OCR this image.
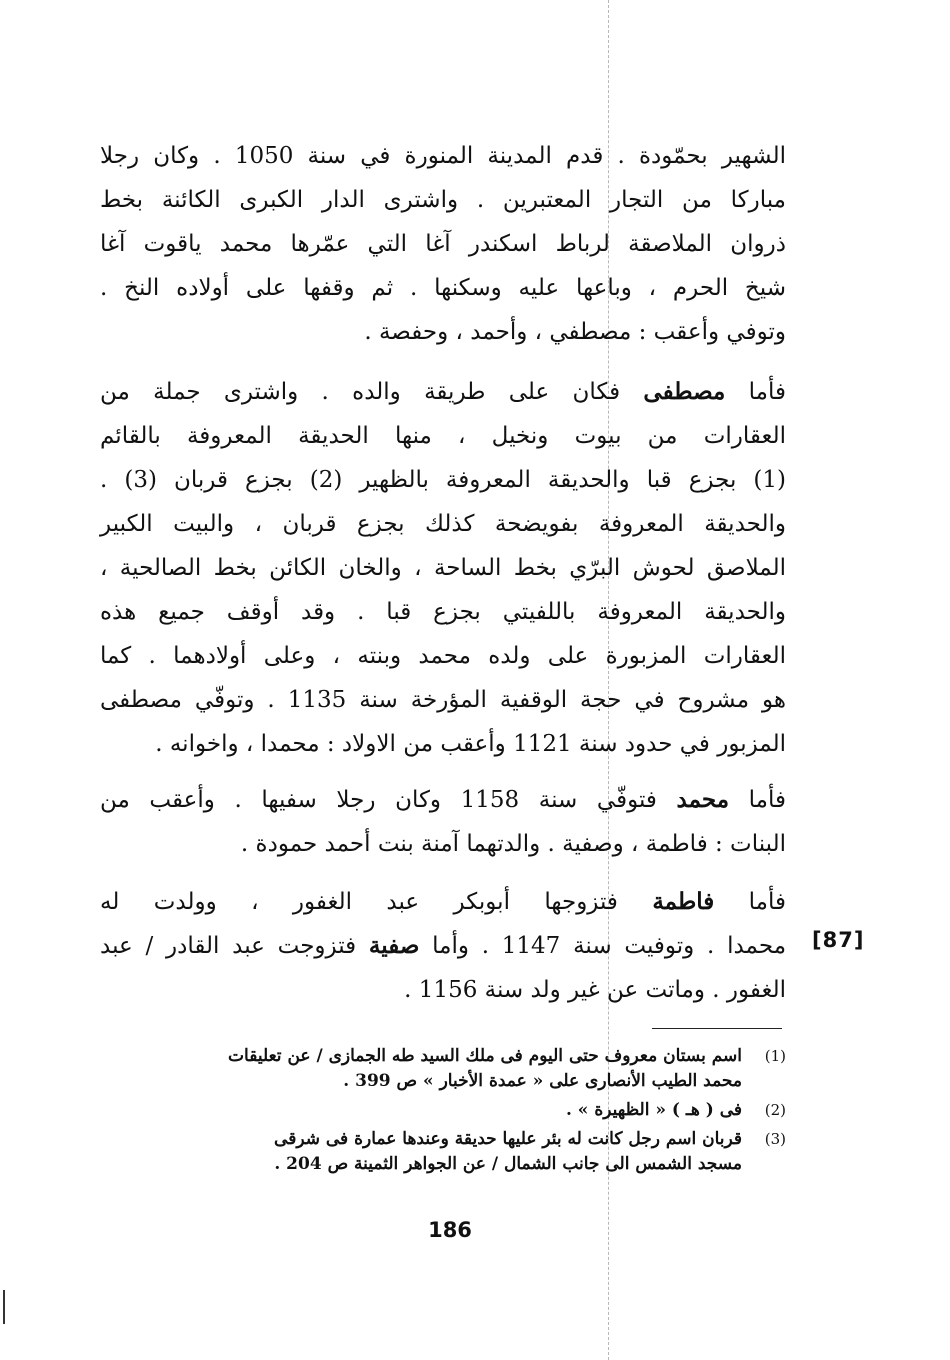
الشهير بحمّودة . قدم المدينة المنورة في سنة 1050 . وكان رجلا
مباركا من التجار المعتبرين . واشترى الدار الكبرى الكائنة بخط
ذروان الملاصقة لرباط اسكندر آغا التي عمّرها محمد ياقوت آغا
شيخ الحرم ، وباعها عليه وسكنها . ثم وقفها على أولاده النخ .
وتوفي وأعقب : مصطفي ، وأحمد ، وحفصة .
فأما مصطفى فكان على طريقة والده . واشترى جملة من
العقارات من بيوت ونخيل ، منها الحديقة المعروفة بالقائم
(1) بجزع قبا والحديقة المعروفة بالظهير (2) بجزع قربان (3) .
والحديقة المعروفة بفويضحة كذلك بجزع قربان ، والبيت الكبير
الملاصق لحوش البرّي بخط الساحة ، والخان الكائن بخط الصالحية ،
والحديقة المعروفة باللفيتي بجزع قبا . وقد أوقف جميع هذه
العقارات المزبورة على ولده محمد وبنته ، وعلى أولادهما . كما
هو مشروح في حجة الوقفية المؤرخة سنة 1135 . وتوفّي مصطفى
المزبور في حدود سنة 1121 وأعقب من الاولاد : محمدا ، واخوانه .
فأما محمد فتوفّي سنة 1158 وكان رجلا سفيها . وأعقب من
البنات : فاطمة ، وصفية . والدتهما آمنة بنت أحمد حمودة .
فأما فاطمة فتزوجها أبوبكر عبد الغفور ، وولدت له
محمدا . وتوفيت سنة 1147 . وأما صفية فتزوجت عبد القادر / عبد
الغفور . وماتت عن غير ولد سنة 1156 .
[87]
(1)
اسم بستان معروف حتى اليوم فى ملك السيد طه الجمازى / عن تعليقات
محمد الطيب الأنصارى على « عمدة الأخبار » ص 399 .
(2)
فى ( هـ ) « الظهيرة » .
(3)
قربان اسم رجل كانت له بئر عليها حديقة وعندها عمارة فى شرقى
مسجد الشمس الى جانب الشمال / عن الجواهر الثمينة ص 204 .
186
